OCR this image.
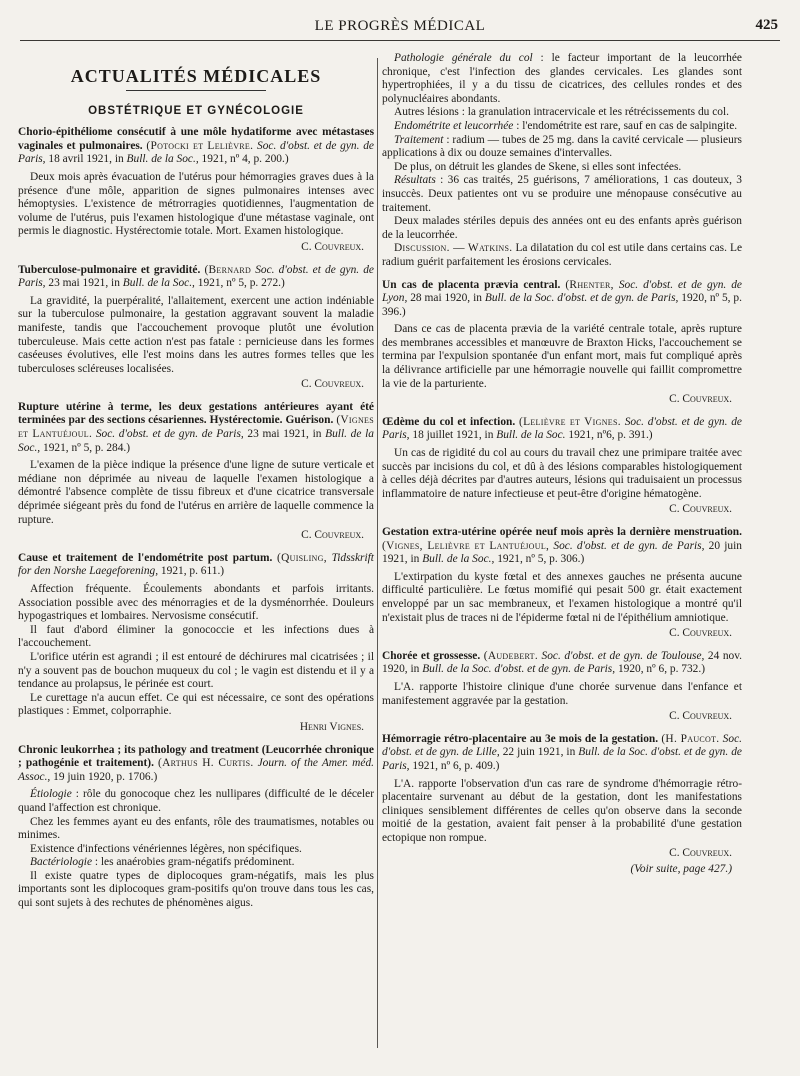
LE PROGRÈS MÉDICAL	425
ACTUALITÉS MÉDICALES
OBSTÉTRIQUE ET GYNÉCOLOGIE
Chorio-épithéliome consécutif à une môle hydatiforme avec métastases vaginales et pulmonaires. (Potocki et Lelièvre. Soc. d'obst. et de gyn. de Paris, 18 avril 1921, in Bull. de la Soc., 1921, nº 4, p. 200.)

Deux mois après évacuation de l'utérus pour hémorragies graves dues à la présence d'une môle, apparition de signes pulmonaires intenses avec hémoptysies. L'existence de métrorragies quotidiennes, l'augmentation de volume de l'utérus, puis l'examen histologique d'une métastase vaginale, ont permis le diagnostic. Hystérectomie totale. Mort. Examen histologique.

C. Couvreux.
Tuberculose-pulmonaire et gravidité. (Bernard Soc. d'obst. et de gyn. de Paris, 23 mai 1921, in Bull. de la Soc., 1921, nº 5, p. 272.)

La gravidité, la puerpéralité, l'allaitement, exercent une action indéniable sur la tuberculose pulmonaire, la gestation aggravant souvent la maladie manifeste, tandis que l'accouchement provoque plutôt une évolution tuberculeuse. Mais cette action n'est pas fatale : pernicieuse dans les formes caséeuses évolutives, elle l'est moins dans les autres formes telles que les tuberculoses scléreuses localisées.

C. Couvreux.
Rupture utérine à terme, les deux gestations antérieures ayant été terminées par des sections césariennes. Hystérectomie. Guérison. (Vignes et Lantuéjoul. Soc. d'obst. et de gyn. de Paris, 23 mai 1921, in Bull. de la Soc., 1921, nº 5, p. 284.)

L'examen de la pièce indique la présence d'une ligne de suture verticale et médiane non déprimée au niveau de laquelle l'examen histologique a démontré l'absence complète de tissu fibreux et d'une cicatrice transversale déprimée siégeant près du fond de l'utérus en arrière de laquelle commence la rupture.

C. Couvreux.
Cause et traitement de l'endométrite post partum. (Quisling, Tidsskrift for den Norshe Laegeforening, 1921, p. 611.)

Affection fréquente. Écoulements abondants et parfois irritants. Association possible avec des ménorragies et de la dysménorrhée. Douleurs hypogastriques et lombaires. Nervosisme consécutif.

Il faut d'abord éliminer la gonococcie et les infections dues à l'accouchement.

L'orifice utérin est agrandi ; il est entouré de déchirures mal cicatrisées ; il n'y a souvent pas de bouchon muqueux du col ; le vagin est distendu et il y a tendance au prolapsus, le périnée est court.

Le curettage n'a aucun effet. Ce qui est nécessaire, ce sont des opérations plastiques : Emmet, colporraphie.

Henri Vignes.
Chronic leukorrhea ; its pathology and treatment (Leucorrhée chronique ; pathogénie et traitement). (Arthus H. Curtis. Journ. of the Amer. méd. Assoc., 19 juin 1920, p. 1706.)

Étiologie : rôle du gonocoque chez les nullipares (difficulté de le déceler quand l'affection est chronique.

Chez les femmes ayant eu des enfants, rôle des traumatismes, notables ou minimes.

Existence d'infections vénériennes légères, non spécifiques.

Bactériologie : les anaérobies gram-négatifs prédominent.

Il existe quatre types de diplocoques gram-négatifs, mais les plus importants sont les diplocoques gram-positifs qu'on trouve dans tous les cas, qui sont sujets à des rechutes de phénomènes aigus.

Pathologie générale du col : le facteur important de la leucorrhée chronique, c'est l'infection des glandes cervicales. Les glandes sont hypertrophiées, il y a du tissu de cicatrices, des cellules rondes et des polynucléaires abondants.

Autres lésions : la granulation intracervicale et les rétrécissements du col.

Endométrite et leucorrhée : l'endométrite est rare, sauf en cas de salpingite.

Traitement : radium — tubes de 25 mg. dans la cavité cervicale — plusieurs applications à dix ou douze semaines d'intervalles.

De plus, on détruit les glandes de Skene, si elles sont infectées.

Résultats : 36 cas traités, 25 guérisons, 7 améliorations, 1 cas douteux, 3 insuccès. Deux patientes ont vu se produire une ménopause consécutive au traitement.

Deux malades stériles depuis des années ont eu des enfants après guérison de la leucorrhée.

Discussion. — Watkins. La dilatation du col est utile dans certains cas. Le radium guérit parfaitement les érosions cervicales.

Un cas de placenta prævia central. (Rhenter, Soc. d'obst. et de gyn. de Lyon, 28 mai 1920, in Bull. de la Soc. d'obst. et de gyn. de Paris, 1920, nº 5, p. 396.)

Dans ce cas de placenta prævia de la variété centrale totale, après rupture des membranes accessibles et manœuvre de Braxton Hicks, l'accouchement se termina par l'expulsion spontanée d'un enfant mort, mais fut compliqué après la délivrance artificielle par une hémorragie nouvelle qui faillit compromettre la vie de la parturiente.

C. Couvreux.
Œdème du col et infection. (Lelièvre et Vignes. Soc. d'obst. et de gyn. de Paris, 18 juillet 1921, in Bull. de la Soc. 1921, nº6, p. 391.)

Un cas de rigidité du col au cours du travail chez une primipare traitée avec succès par incisions du col, et dû à des lésions comparables histologiquement à celles déjà décrites par d'autres auteurs, lésions qui traduisaient un processus inflammatoire de nature infectieuse et peut-être d'origine hématogène.

C. Couvreux.
Gestation extra-utérine opérée neuf mois après la dernière menstruation. (Vignes, Lelièvre et Lantuéjoul, Soc. d'obst. et de gyn. de Paris, 20 juin 1921, in Bull. de la Soc., 1921, nº 5, p. 306.)

L'extirpation du kyste fœtal et des annexes gauches ne présenta aucune difficulté particulière. Le fœtus momifié qui pesait 500 gr. était exactement enveloppé par un sac membraneux, et l'examen histologique a montré qu'il n'existait plus de traces ni de l'épiderme fœtal ni de l'épithélium amniotique.

C. Couvreux.
Chorée et grossesse. (Audebert. Soc. d'obst. et de gyn. de Toulouse, 24 nov. 1920, in Bull. de la Soc. d'obst. et de gyn. de Paris, 1920, nº 6, p. 732.)

L'A. rapporte l'histoire clinique d'une chorée survenue dans l'enfance et manifestement aggravée par la gestation.

C. Couvreux.
Hémorragie rétro-placentaire au 3e mois de la gestation. (H. Paucot. Soc. d'obst. et de gyn. de Lille, 22 juin 1921, in Bull. de la Soc. d'obst. et de gyn. de Paris, 1921, nº 6, p. 409.)

L'A. rapporte l'observation d'un cas rare de syndrome d'hémorragie rétro-placentaire survenant au début de la gestation, dont les manifestations cliniques sensiblement différentes de celles qu'on observe dans la seconde moitié de la gestation, avaient fait penser à la probabilité d'une gestation ectopique non rompue.

C. Couvreux.
(Voir suite, page 427.)
